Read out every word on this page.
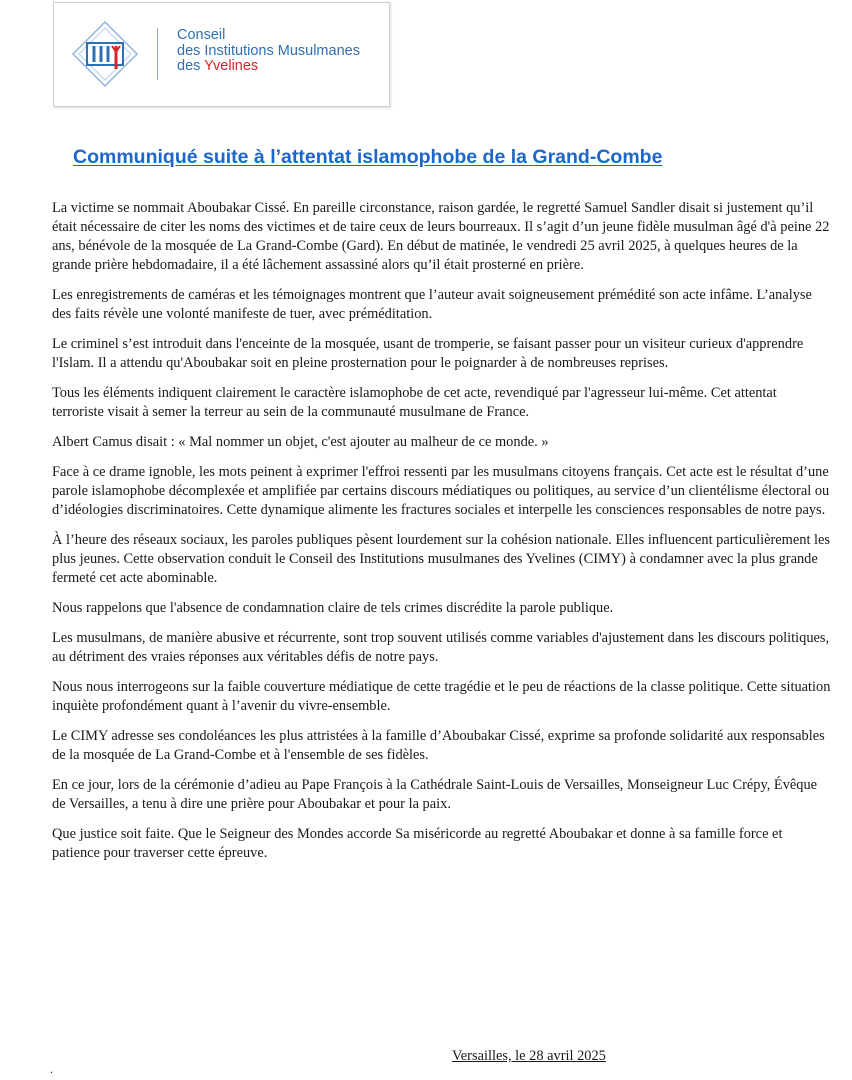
Conseil
des Institutions Musulmanes
des Yvelines
Communiqué suite à l’attentat islamophobe de la Grand-Combe

La victime se nommait Aboubakar Cissé. En pareille circonstance, raison gardée, le regretté Samuel Sandler disait si justement qu’il était nécessaire de citer les noms des victimes et de taire ceux de leurs bourreaux. Il s’agit d’un jeune fidèle musulman âgé d'à peine 22 ans, bénévole de la mosquée de La Grand-Combe (Gard). En début de matinée, le vendredi 25 avril 2025, à quelques heures de la grande prière hebdomadaire, il a été lâchement assassiné alors qu’il était prosterné en prière.

Les enregistrements de caméras et les témoignages montrent que l’auteur avait soigneusement prémédité son acte infâme. L’analyse des faits révèle une volonté manifeste de tuer, avec préméditation.

Le criminel s’est introduit dans l'enceinte de la mosquée, usant de tromperie, se faisant passer pour un visiteur curieux d'apprendre l'Islam. Il a attendu qu'Aboubakar soit en pleine prosternation pour le poignarder à de nombreuses reprises.

Tous les éléments indiquent clairement le caractère islamophobe de cet acte, revendiqué par l'agresseur lui-même. Cet attentat terroriste visait à semer la terreur au sein de la communauté musulmane de France.

Albert Camus disait : « Mal nommer un objet, c'est ajouter au malheur de ce monde. »

Face à ce drame ignoble, les mots peinent à exprimer l'effroi ressenti par les musulmans citoyens français. Cet acte est le résultat d’une parole islamophobe décomplexée et amplifiée par certains discours médiatiques ou politiques, au service d’un clientélisme électoral ou d’idéologies discriminatoires. Cette dynamique alimente les fractures sociales et interpelle les consciences responsables de notre pays.

À l’heure des réseaux sociaux, les paroles publiques pèsent lourdement sur la cohésion nationale. Elles influencent particulièrement les plus jeunes. Cette observation conduit le Conseil des Institutions musulmanes des Yvelines (CIMY) à condamner avec la plus grande fermeté cet acte abominable.

Nous rappelons que l'absence de condamnation claire de tels crimes discrédite la parole publique.

Les musulmans, de manière abusive et récurrente, sont trop souvent utilisés comme variables d'ajustement dans les discours politiques, au détriment des vraies réponses aux véritables défis de notre pays.

Nous nous interrogeons sur la faible couverture médiatique de cette tragédie et le peu de réactions de la classe politique. Cette situation inquiète profondément quant à l’avenir du vivre-ensemble.

Le CIMY adresse ses condoléances les plus attristées à la famille d’Aboubakar Cissé, exprime sa profonde solidarité aux responsables de la mosquée de La Grand-Combe et à l'ensemble de ses fidèles.

En ce jour, lors de la cérémonie d’adieu au Pape François à la Cathédrale Saint-Louis de Versailles, Monseigneur Luc Crépy, Évêque de Versailles, a tenu à dire une prière pour Aboubakar et pour la paix.

Que justice soit faite. Que le Seigneur des Mondes accorde Sa miséricorde au regretté Aboubakar et donne à sa famille force et patience pour traverser cette épreuve.

.
Versailles, le 28 avril 2025
